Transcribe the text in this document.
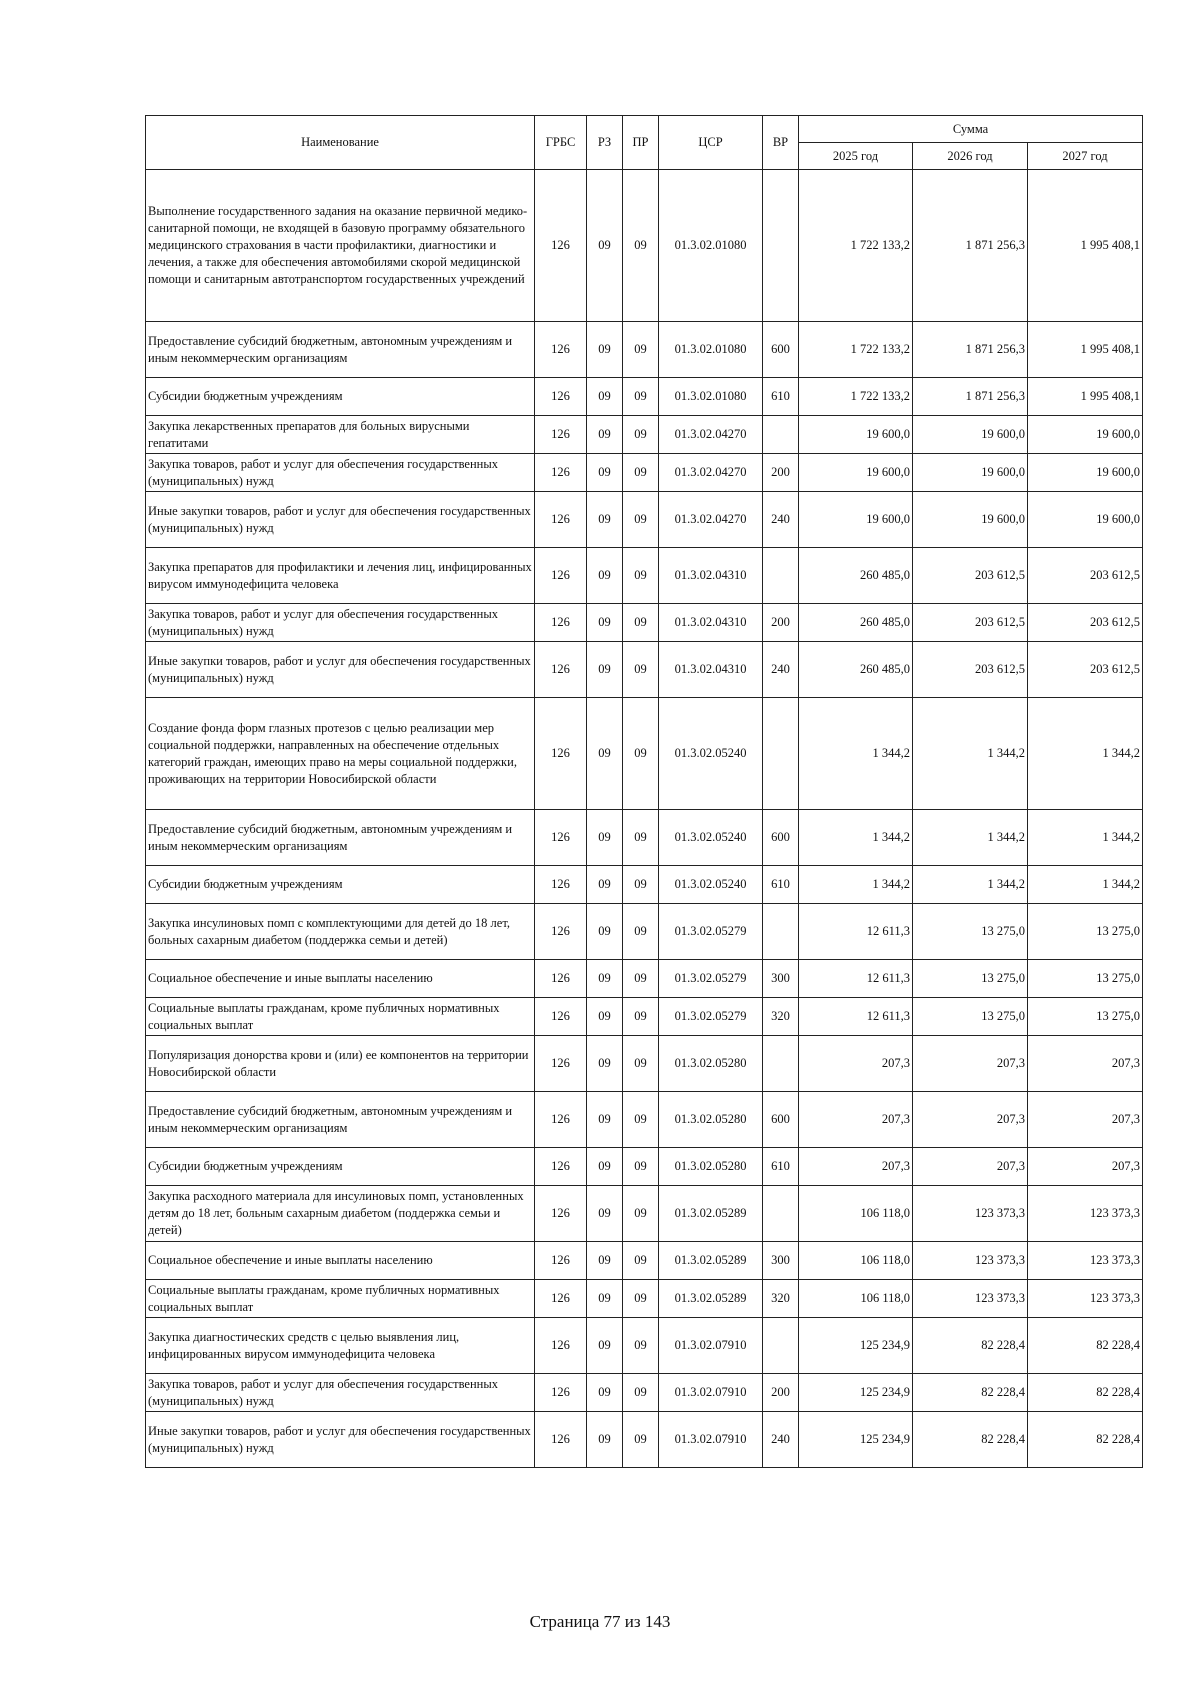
Наименование	ГРБС	РЗ	ПР	ЦСР	ВР	Сумма		
						2025 год	2026 год	2027 год
Выполнение государственного задания на оказание первичной медико-санитарной помощи, не входящей в базовую программу обязательного медицинского страхования в части профилактики, диагностики и лечения, а также для обеспечения автомобилями скорой медицинской помощи и санитарным автотранспортом государственных учреждений	126	09	09	01.3.02.01080		1 722 133,2	1 871 256,3	1 995 408,1
Предоставление субсидий бюджетным, автономным учреждениям и иным некоммерческим организациям	126	09	09	01.3.02.01080	600	1 722 133,2	1 871 256,3	1 995 408,1
Субсидии бюджетным учреждениям	126	09	09	01.3.02.01080	610	1 722 133,2	1 871 256,3	1 995 408,1
Закупка лекарственных препаратов для больных вирусными гепатитами	126	09	09	01.3.02.04270		19 600,0	19 600,0	19 600,0
Закупка товаров, работ и услуг для обеспечения государственных (муниципальных) нужд	126	09	09	01.3.02.04270	200	19 600,0	19 600,0	19 600,0
Иные закупки товаров, работ и услуг для обеспечения государственных (муниципальных) нужд	126	09	09	01.3.02.04270	240	19 600,0	19 600,0	19 600,0
Закупка препаратов для профилактики и лечения лиц, инфицированных вирусом иммунодефицита человека	126	09	09	01.3.02.04310		260 485,0	203 612,5	203 612,5
Закупка товаров, работ и услуг для обеспечения государственных (муниципальных) нужд	126	09	09	01.3.02.04310	200	260 485,0	203 612,5	203 612,5
Иные закупки товаров, работ и услуг для обеспечения государственных (муниципальных) нужд	126	09	09	01.3.02.04310	240	260 485,0	203 612,5	203 612,5
Создание фонда форм глазных протезов с целью реализации мер социальной поддержки, направленных на обеспечение отдельных категорий граждан, имеющих право на меры социальной поддержки, проживающих на территории Новосибирской области	126	09	09	01.3.02.05240		1 344,2	1 344,2	1 344,2
Предоставление субсидий бюджетным, автономным учреждениям и иным некоммерческим организациям	126	09	09	01.3.02.05240	600	1 344,2	1 344,2	1 344,2
Субсидии бюджетным учреждениям	126	09	09	01.3.02.05240	610	1 344,2	1 344,2	1 344,2
Закупка инсулиновых помп с комплектующими для детей до 18 лет, больных сахарным диабетом (поддержка семьи и детей)	126	09	09	01.3.02.05279		12 611,3	13 275,0	13 275,0
Социальное обеспечение и иные выплаты населению	126	09	09	01.3.02.05279	300	12 611,3	13 275,0	13 275,0
Социальные выплаты гражданам, кроме публичных нормативных социальных выплат	126	09	09	01.3.02.05279	320	12 611,3	13 275,0	13 275,0
Популяризация донорства крови и (или) ее компонентов на территории Новосибирской области	126	09	09	01.3.02.05280		207,3	207,3	207,3
Предоставление субсидий бюджетным, автономным учреждениям и иным некоммерческим организациям	126	09	09	01.3.02.05280	600	207,3	207,3	207,3
Субсидии бюджетным учреждениям	126	09	09	01.3.02.05280	610	207,3	207,3	207,3
Закупка расходного материала для инсулиновых помп, установленных детям до 18 лет, больным сахарным диабетом (поддержка семьи и детей)	126	09	09	01.3.02.05289		106 118,0	123 373,3	123 373,3
Социальное обеспечение и иные выплаты населению	126	09	09	01.3.02.05289	300	106 118,0	123 373,3	123 373,3
Социальные выплаты гражданам, кроме публичных нормативных социальных выплат	126	09	09	01.3.02.05289	320	106 118,0	123 373,3	123 373,3
Закупка диагностических средств с целью выявления лиц, инфицированных вирусом иммунодефицита человека	126	09	09	01.3.02.07910		125 234,9	82 228,4	82 228,4
Закупка товаров, работ и услуг для обеспечения государственных (муниципальных) нужд	126	09	09	01.3.02.07910	200	125 234,9	82 228,4	82 228,4
Иные закупки товаров, работ и услуг для обеспечения государственных (муниципальных) нужд	126	09	09	01.3.02.07910	240	125 234,9	82 228,4	82 228,4
Страница 77 из 143
